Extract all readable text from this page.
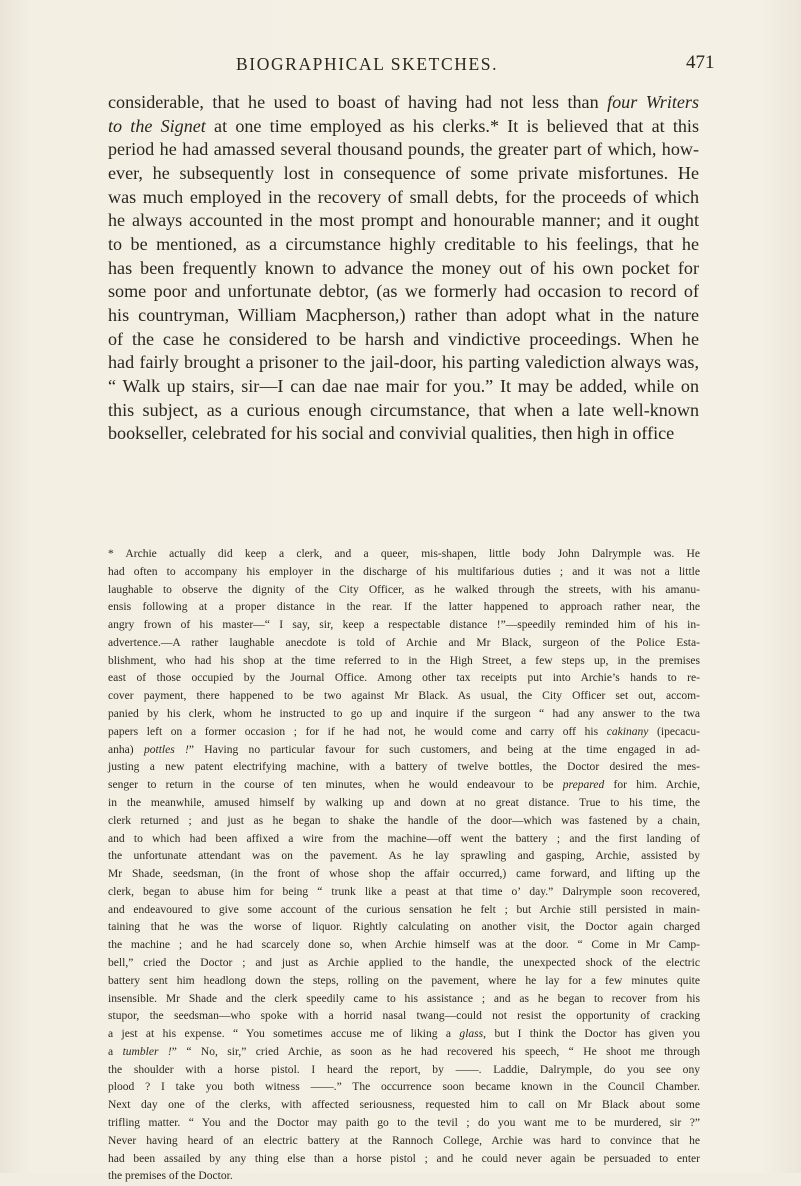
BIOGRAPHICAL SKETCHES.	471
considerable, that he used to boast of having had not less than four Writers
to the Signet at one time employed as his clerks.* It is believed that at this
period he had amassed several thousand pounds, the greater part of which, how-
ever, he subsequently lost in consequence of some private misfortunes. He
was much employed in the recovery of small debts, for the proceeds of which
he always accounted in the most prompt and honourable manner; and it ought
to be mentioned, as a circumstance highly creditable to his feelings, that he
has been frequently known to advance the money out of his own pocket for
some poor and unfortunate debtor, (as we formerly had occasion to record of
his countryman, William Macpherson,) rather than adopt what in the nature
of the case he considered to be harsh and vindictive proceedings. When he
had fairly brought a prisoner to the jail-door, his parting valediction always was,
“ Walk up stairs, sir—I can dae nae mair for you.” It may be added, while on
this subject, as a curious enough circumstance, that when a late well-known
bookseller, celebrated for his social and convivial qualities, then high in office
* Archie actually did keep a clerk, and a queer, mis-shapen, little body John Dalrymple was. He
had often to accompany his employer in the discharge of his multifarious duties ; and it was not a little
laughable to observe the dignity of the City Officer, as he walked through the streets, with his amanu-
ensis following at a proper distance in the rear. If the latter happened to approach rather near, the
angry frown of his master—“ I say, sir, keep a respectable distance !”—speedily reminded him of his in-
advertence.—A rather laughable anecdote is told of Archie and Mr Black, surgeon of the Police Esta-
blishment, who had his shop at the time referred to in the High Street, a few steps up, in the premises
east of those occupied by the Journal Office. Among other tax receipts put into Archie’s hands to re-
cover payment, there happened to be two against Mr Black. As usual, the City Officer set out, accom-
panied by his clerk, whom he instructed to go up and inquire if the surgeon “ had any answer to the twa
papers left on a former occasion ; for if he had not, he would come and carry off his cakinany (ipecacu-
anha) pottles !” Having no particular favour for such customers, and being at the time engaged in ad-
justing a new patent electrifying machine, with a battery of twelve bottles, the Doctor desired the mes-
senger to return in the course of ten minutes, when he would endeavour to be prepared for him. Archie,
in the meanwhile, amused himself by walking up and down at no great distance. True to his time, the
clerk returned ; and just as he began to shake the handle of the door—which was fastened by a chain,
and to which had been affixed a wire from the machine—off went the battery ; and the first landing of
the unfortunate attendant was on the pavement. As he lay sprawling and gasping, Archie, assisted by
Mr Shade, seedsman, (in the front of whose shop the affair occurred,) came forward, and lifting up the
clerk, began to abuse him for being “ trunk like a peast at that time o’ day.” Dalrymple soon recovered,
and endeavoured to give some account of the curious sensation he felt ; but Archie still persisted in main-
taining that he was the worse of liquor. Rightly calculating on another visit, the Doctor again charged
the machine ; and he had scarcely done so, when Archie himself was at the door. “ Come in Mr Camp-
bell,” cried the Doctor ; and just as Archie applied to the handle, the unexpected shock of the electric
battery sent him headlong down the steps, rolling on the pavement, where he lay for a few minutes quite
insensible. Mr Shade and the clerk speedily came to his assistance ; and as he began to recover from his
stupor, the seedsman—who spoke with a horrid nasal twang—could not resist the opportunity of cracking
a jest at his expense. “ You sometimes accuse me of liking a glass, but I think the Doctor has given you
a tumbler !” “ No, sir,” cried Archie, as soon as he had recovered his speech, “ He shoot me through
the shoulder with a horse pistol. I heard the report, by ——. Laddie, Dalrymple, do you see ony
plood ? I take you both witness ——.” The occurrence soon became known in the Council Chamber.
Next day one of the clerks, with affected seriousness, requested him to call on Mr Black about some
trifling matter. “ You and the Doctor may paith go to the tevil ; do you want me to be murdered, sir ?”
Never having heard of an electric battery at the Rannoch College, Archie was hard to convince that he
had been assailed by any thing else than a horse pistol ; and he could never again be persuaded to enter
the premises of the Doctor.
